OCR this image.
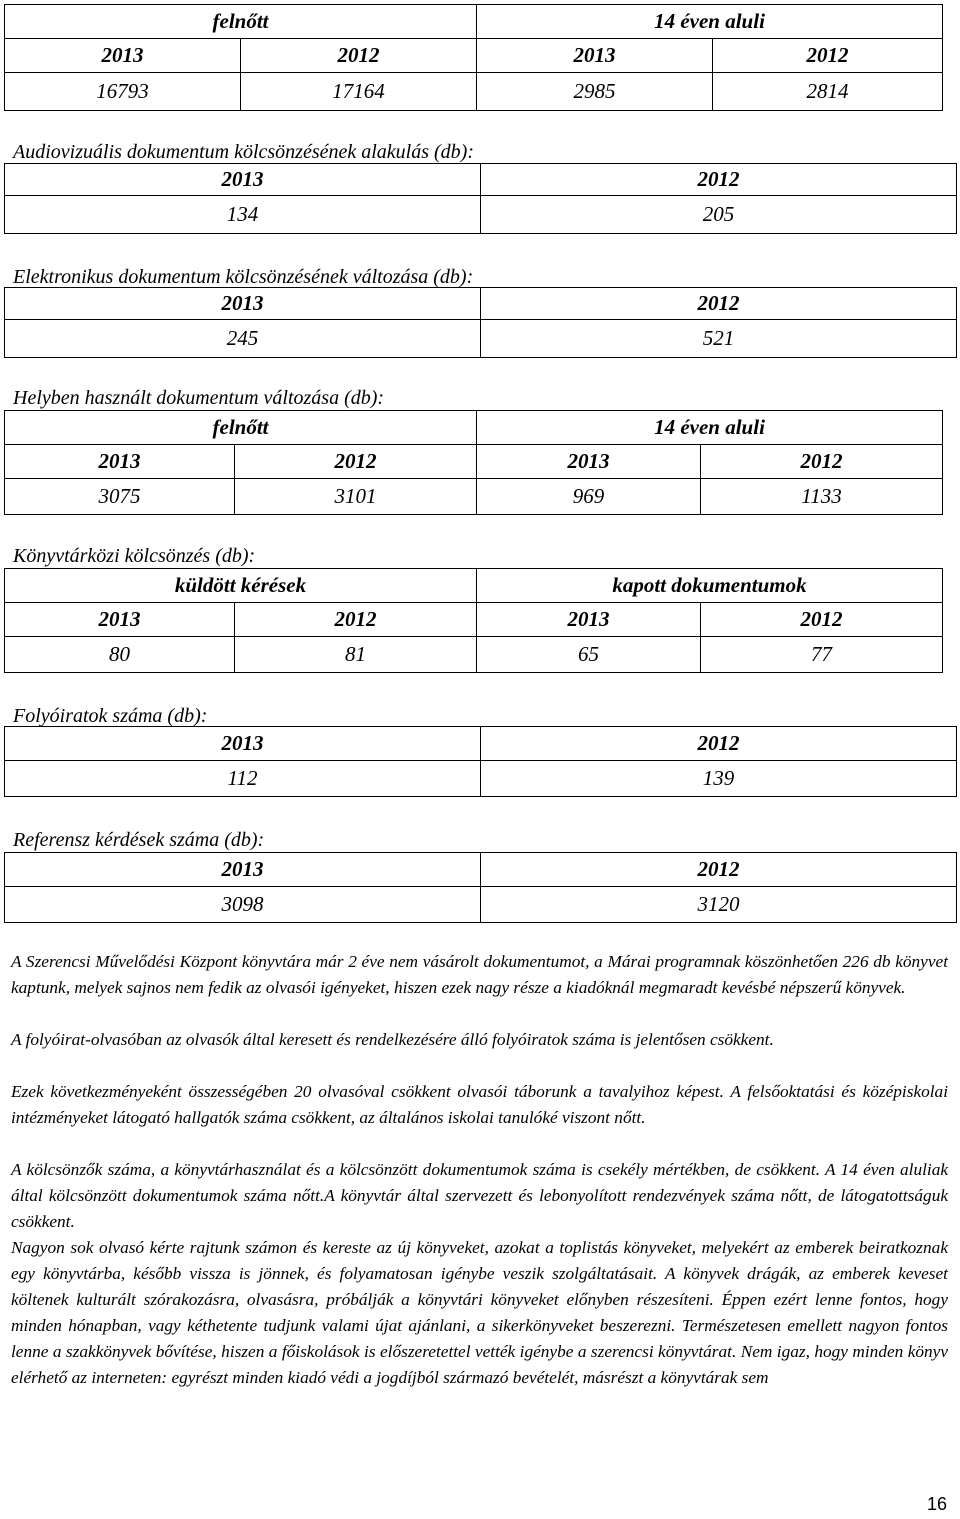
felnőtt	14 éven aluli
2013	2012	2013	2012
16793	17164	2985	2814
Audiovizuális dokumentum kölcsönzésének alakulás (db):
2013	2012
134	205
Elektronikus dokumentum kölcsönzésének változása (db):
2013	2012
245	521
Helyben használt dokumentum változása (db):
felnőtt	14 éven aluli
2013	2012	2013	2012
3075	3101	969	1133
Könyvtárközi kölcsönzés (db):
küldött kérések	kapott dokumentumok
2013	2012	2013	2012
80	81	65	77
Folyóiratok száma (db):
2013	2012
112	139
Referensz kérdések száma (db):
2013	2012
3098	3120

A Szerencsi Művelődési Központ könyvtára már 2 éve nem vásárolt dokumentumot, a Márai programnak köszönhetően 226 db könyvet kaptunk, melyek sajnos nem fedik az olvasói igényeket, hiszen ezek nagy része a kiadóknál megmaradt kevésbé népszerű könyvek.

A folyóirat-olvasóban az olvasók által keresett és rendelkezésére álló folyóiratok száma is jelentősen csökkent.

Ezek következményeként összességében 20 olvasóval csökkent olvasói táborunk a tavalyihoz képest. A felsőoktatási és középiskolai intézményeket látogató hallgatók száma csökkent, az általános iskolai tanulóké viszont nőtt.

A kölcsönzők száma, a könyvtárhasználat és a kölcsönzött dokumentumok száma is csekély mértékben, de csökkent. A 14 éven aluliak által kölcsönzött dokumentumok száma nőtt.A könyvtár által szervezett és lebonyolított rendezvények száma nőtt, de látogatottságuk csökkent.

Nagyon sok olvasó kérte rajtunk számon és kereste az új könyveket, azokat a toplistás könyveket, melyekért az emberek beiratkoznak egy könyvtárba, később vissza is jönnek, és folyamatosan igénybe veszik szolgáltatásait. A könyvek drágák, az emberek keveset költenek kulturált szórakozásra, olvasásra, próbálják a könyvtári könyveket előnyben részesíteni. Éppen ezért lenne fontos, hogy minden hónapban, vagy kéthetente tudjunk valami újat ajánlani, a sikerkönyveket beszerezni. Természetesen emellett nagyon fontos lenne a szakkönyvek bővítése, hiszen a főiskolások is előszeretettel vették igénybe a szerencsi könyvtárat. Nem igaz, hogy minden könyv elérhető az interneten: egyrészt minden kiadó védi a jogdíjból származó bevételét, másrészt a könyvtárak sem

16
